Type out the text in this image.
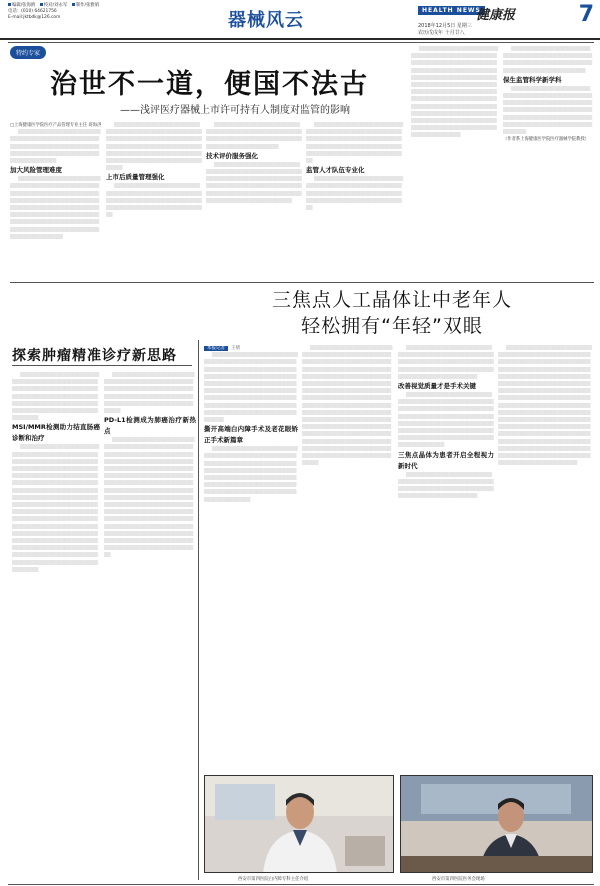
编辑/张海鸥 校对/刘永军 制作/张雅娟
电话：(010) 64621756
E-mail:jktbdk@126.com	器械风云	HEALTH NEWS
健康报	7
2018年12月5日 星期三
农历戊戌年 十月廿八
特约专家
治世不一道，便国不法古
——浅评医疗器械上市许可持有人制度对监管的影响

□上海健康医学院医疗产品管理专业主任 蒋海洪

▒▒▒▒▒▒▒▒▒▒▒▒▒▒▒▒▒▒▒▒▒▒▒▒▒▒▒▒▒▒▒▒▒▒▒▒▒▒▒▒▒▒▒▒▒▒▒▒▒▒▒▒▒▒▒▒▒▒▒▒▒▒▒▒▒▒▒▒▒▒▒▒▒▒▒▒▒▒▒▒▒▒▒▒▒▒▒▒▒▒▒▒▒▒▒▒▒▒▒▒▒▒▒▒▒▒▒▒▒▒▒▒▒▒▒▒▒▒▒▒

加大风险管理难度

▒▒▒▒▒▒▒▒▒▒▒▒▒▒▒▒▒▒▒▒▒▒▒▒▒▒▒▒▒▒▒▒▒▒▒▒▒▒▒▒▒▒▒▒▒▒▒▒▒▒▒▒▒▒▒▒▒▒▒▒▒▒▒▒▒▒▒▒▒▒▒▒▒▒▒▒▒▒▒▒▒▒▒▒▒▒▒▒▒▒▒▒▒▒▒▒▒▒▒▒▒▒▒▒▒▒▒▒▒▒▒▒▒▒▒▒▒▒▒▒▒▒▒▒▒▒▒▒▒▒▒▒▒▒▒▒▒▒▒▒▒▒▒▒▒▒▒▒▒▒▒▒▒▒▒▒▒▒▒▒▒▒▒▒▒▒▒▒▒▒▒▒▒▒▒▒▒▒▒▒▒▒▒▒▒▒▒▒▒▒▒▒▒▒▒▒▒▒▒▒▒▒▒▒▒▒▒▒▒▒▒▒▒▒▒▒▒▒▒▒▒▒▒▒▒▒▒▒▒▒

▒▒▒▒▒▒▒▒▒▒▒▒▒▒▒▒▒▒▒▒▒▒▒▒▒▒▒▒▒▒▒▒▒▒▒▒▒▒▒▒▒▒▒▒▒▒▒▒▒▒▒▒▒▒▒▒▒▒▒▒▒▒▒▒▒▒▒▒▒▒▒▒▒▒▒▒▒▒▒▒▒▒▒▒▒▒▒▒▒▒▒▒▒▒▒▒▒▒▒▒▒▒▒▒▒▒▒▒▒▒▒▒▒▒▒▒▒▒▒▒▒▒▒▒▒▒▒▒▒▒▒▒▒▒▒▒▒▒▒▒▒▒▒▒▒▒▒▒▒▒▒▒▒▒▒▒▒▒▒▒▒▒▒▒▒▒▒▒▒▒▒▒▒▒▒▒

上市后质量管理强化

▒▒▒▒▒▒▒▒▒▒▒▒▒▒▒▒▒▒▒▒▒▒▒▒▒▒▒▒▒▒▒▒▒▒▒▒▒▒▒▒▒▒▒▒▒▒▒▒▒▒▒▒▒▒▒▒▒▒▒▒▒▒▒▒▒▒▒▒▒▒▒▒▒▒▒▒▒▒▒▒▒▒▒▒▒▒▒▒▒▒▒▒▒▒▒▒▒▒▒▒▒▒▒▒▒▒▒▒▒▒▒▒▒▒▒

▒▒▒▒▒▒▒▒▒▒▒▒▒▒▒▒▒▒▒▒▒▒▒▒▒▒▒▒▒▒▒▒▒▒▒▒▒▒▒▒▒▒▒▒▒▒▒▒▒▒▒▒▒▒▒▒▒▒▒▒▒▒▒▒▒▒▒▒▒▒▒▒▒▒▒▒▒▒▒▒▒▒▒▒▒▒▒▒▒▒▒▒▒▒▒▒▒▒▒▒▒▒▒▒▒▒

技术评价服务强化

▒▒▒▒▒▒▒▒▒▒▒▒▒▒▒▒▒▒▒▒▒▒▒▒▒▒▒▒▒▒▒▒▒▒▒▒▒▒▒▒▒▒▒▒▒▒▒▒▒▒▒▒▒▒▒▒▒▒▒▒▒▒▒▒▒▒▒▒▒▒▒▒▒▒▒▒▒▒▒▒▒▒▒▒▒▒▒▒▒▒▒▒▒▒▒▒▒▒▒▒▒▒▒▒▒▒▒▒▒▒▒▒▒▒▒▒▒▒▒▒▒▒▒▒▒▒▒▒▒▒▒▒▒▒▒▒▒▒▒▒▒▒▒▒▒▒▒▒▒▒▒▒▒▒▒▒▒▒▒▒▒▒▒▒▒▒▒▒

▒▒▒▒▒▒▒▒▒▒▒▒▒▒▒▒▒▒▒▒▒▒▒▒▒▒▒▒▒▒▒▒▒▒▒▒▒▒▒▒▒▒▒▒▒▒▒▒▒▒▒▒▒▒▒▒▒▒▒▒▒▒▒▒▒▒▒▒▒▒▒▒▒▒▒▒▒▒▒▒▒▒▒▒▒▒▒▒▒▒▒▒▒▒▒▒▒▒▒▒▒▒▒▒▒▒▒▒▒▒▒▒▒▒▒▒▒▒▒▒▒▒▒▒▒▒▒▒▒▒▒▒▒▒▒▒▒▒▒▒▒▒▒▒▒

监管人才队伍专业化

▒▒▒▒▒▒▒▒▒▒▒▒▒▒▒▒▒▒▒▒▒▒▒▒▒▒▒▒▒▒▒▒▒▒▒▒▒▒▒▒▒▒▒▒▒▒▒▒▒▒▒▒▒▒▒▒▒▒▒▒▒▒▒▒▒▒▒▒▒▒▒▒▒▒▒▒▒▒▒▒▒▒▒▒▒▒▒▒▒▒▒▒▒▒▒▒▒▒▒▒▒▒▒▒▒▒▒▒▒▒▒▒▒▒▒▒

▒▒▒▒▒▒▒▒▒▒▒▒▒▒▒▒▒▒▒▒▒▒▒▒▒▒▒▒▒▒▒▒▒▒▒▒▒▒▒▒▒▒▒▒▒▒▒▒▒▒▒▒▒▒▒▒▒▒▒▒▒▒▒▒▒▒▒▒▒▒▒▒▒▒▒▒▒▒▒▒▒▒▒▒▒▒▒▒▒▒▒▒▒▒▒▒▒▒▒▒▒▒▒▒▒▒▒▒▒▒▒▒▒▒▒▒▒▒▒▒▒▒▒▒▒▒▒▒▒▒▒▒▒▒▒▒▒▒▒▒▒▒▒▒▒▒▒▒▒▒▒▒▒▒▒▒▒▒▒▒▒▒▒▒▒▒▒▒▒▒▒▒▒▒▒▒▒▒▒▒▒▒▒▒▒▒▒▒▒▒▒▒▒▒▒▒▒▒▒▒▒▒▒▒▒▒▒▒▒▒▒▒▒▒▒▒▒▒▒▒▒▒▒▒▒▒▒▒▒▒▒▒▒▒▒▒▒▒▒▒▒▒▒▒▒▒▒▒▒▒▒▒▒▒▒▒▒▒▒▒▒▒▒▒▒▒▒▒▒▒▒▒▒▒▒▒▒▒▒▒▒▒▒▒▒▒▒▒▒▒▒▒▒▒▒▒▒▒▒▒▒▒▒▒▒▒▒▒▒▒▒▒▒▒▒▒▒▒▒▒▒▒▒▒▒

▒▒▒▒▒▒▒▒▒▒▒▒▒▒▒▒▒▒▒▒▒▒▒▒▒▒▒▒▒▒▒▒▒▒▒▒▒▒▒▒▒▒▒▒▒▒▒▒▒▒▒▒▒▒▒▒▒▒▒▒▒▒▒▒▒▒▒▒▒▒▒▒▒▒▒▒▒▒▒▒▒▒▒▒▒▒▒▒▒▒▒▒▒▒▒▒▒▒▒▒▒▒▒

保生监管科学新学科

▒▒▒▒▒▒▒▒▒▒▒▒▒▒▒▒▒▒▒▒▒▒▒▒▒▒▒▒▒▒▒▒▒▒▒▒▒▒▒▒▒▒▒▒▒▒▒▒▒▒▒▒▒▒▒▒▒▒▒▒▒▒▒▒▒▒▒▒▒▒▒▒▒▒▒▒▒▒▒▒▒▒▒▒▒▒▒▒▒▒▒▒▒▒▒▒▒▒▒▒▒▒▒▒▒▒▒▒▒▒▒▒▒▒▒▒▒▒▒▒▒▒▒▒▒▒▒▒▒▒▒▒▒▒▒▒▒▒▒▒▒▒▒▒▒▒▒▒▒▒▒▒▒▒▒▒▒▒▒▒▒▒▒▒▒▒

（作者系上海健康医学院医疗器械学院教授）

三焦点人工晶体让中老年人
轻松拥有“年轻”双眼
探索肿瘤精准诊疗新思路

▒▒▒▒▒▒▒▒▒▒▒▒▒▒▒▒▒▒▒▒▒▒▒▒▒▒▒▒▒▒▒▒▒▒▒▒▒▒▒▒▒▒▒▒▒▒▒▒▒▒▒▒▒▒▒▒▒▒▒▒▒▒▒▒▒▒▒▒▒▒▒▒▒▒▒▒▒▒▒▒▒▒▒▒▒▒▒▒▒▒▒▒▒▒▒▒▒▒▒▒▒▒▒▒▒▒▒▒▒▒▒▒▒▒▒▒▒▒▒▒▒▒▒▒▒▒▒▒▒▒▒▒▒▒▒▒▒▒▒▒▒▒▒▒▒▒▒▒▒▒▒▒▒▒▒▒▒▒▒▒▒▒

MSI/MMR检测助力结直肠癌诊断和治疗

▒▒▒▒▒▒▒▒▒▒▒▒▒▒▒▒▒▒▒▒▒▒▒▒▒▒▒▒▒▒▒▒▒▒▒▒▒▒▒▒▒▒▒▒▒▒▒▒▒▒▒▒▒▒▒▒▒▒▒▒▒▒▒▒▒▒▒▒▒▒▒▒▒▒▒▒▒▒▒▒▒▒▒▒▒▒▒▒▒▒▒▒▒▒▒▒▒▒▒▒▒▒▒▒▒▒▒▒▒▒▒▒▒▒▒▒▒▒▒▒▒▒▒▒▒▒▒▒▒▒▒▒▒▒▒▒▒▒▒▒▒▒▒▒▒▒▒▒▒▒▒▒▒▒▒▒▒▒▒▒▒▒▒▒▒▒▒▒▒▒▒▒▒▒▒▒▒▒▒▒▒▒▒▒▒▒▒▒▒▒▒▒▒▒▒▒▒▒▒▒▒▒▒▒▒▒▒▒▒▒▒▒▒▒▒▒▒▒▒▒▒▒▒▒▒▒▒▒▒▒▒▒▒▒▒▒▒▒▒▒▒▒▒▒▒▒▒▒▒▒▒▒▒▒▒▒▒▒▒▒▒▒▒▒▒▒▒▒▒▒▒▒▒▒▒▒▒▒▒▒▒▒▒▒▒▒▒▒▒▒▒▒▒▒▒▒▒▒▒▒▒▒▒▒▒▒▒▒▒▒▒▒▒▒▒▒▒▒▒▒▒▒▒▒▒▒▒▒▒▒▒▒▒▒▒▒▒▒▒▒▒▒▒▒▒▒▒▒▒▒▒▒▒▒▒▒▒▒▒▒▒▒▒▒▒▒▒▒▒▒▒▒▒▒▒▒▒▒▒▒▒▒▒▒▒▒▒▒▒▒▒▒▒▒▒▒▒▒▒▒▒▒▒▒▒▒▒▒▒▒▒▒▒▒▒▒▒▒▒▒▒▒▒▒▒▒▒▒▒▒▒▒▒▒▒▒▒▒▒▒▒▒▒▒▒▒▒▒

▒▒▒▒▒▒▒▒▒▒▒▒▒▒▒▒▒▒▒▒▒▒▒▒▒▒▒▒▒▒▒▒▒▒▒▒▒▒▒▒▒▒▒▒▒▒▒▒▒▒▒▒▒▒▒▒▒▒▒▒▒▒▒▒▒▒▒▒▒▒▒▒▒▒▒▒▒▒▒▒▒▒▒▒▒▒▒▒▒▒▒▒▒▒▒▒▒▒▒▒▒▒▒▒▒▒▒▒▒▒▒▒▒▒▒▒▒▒▒▒▒▒▒▒▒▒▒▒▒▒▒▒▒▒▒▒▒▒

PD-L1检测成为肺癌治疗新热点

▒▒▒▒▒▒▒▒▒▒▒▒▒▒▒▒▒▒▒▒▒▒▒▒▒▒▒▒▒▒▒▒▒▒▒▒▒▒▒▒▒▒▒▒▒▒▒▒▒▒▒▒▒▒▒▒▒▒▒▒▒▒▒▒▒▒▒▒▒▒▒▒▒▒▒▒▒▒▒▒▒▒▒▒▒▒▒▒▒▒▒▒▒▒▒▒▒▒▒▒▒▒▒▒▒▒▒▒▒▒▒▒▒▒▒▒▒▒▒▒▒▒▒▒▒▒▒▒▒▒▒▒▒▒▒▒▒▒▒▒▒▒▒▒▒▒▒▒▒▒▒▒▒▒▒▒▒▒▒▒▒▒▒▒▒▒▒▒▒▒▒▒▒▒▒▒▒▒▒▒▒▒▒▒▒▒▒▒▒▒▒▒▒▒▒▒▒▒▒▒▒▒▒▒▒▒▒▒▒▒▒▒▒▒▒▒▒▒▒▒▒▒▒▒▒▒▒▒▒▒▒▒▒▒▒▒▒▒▒▒▒▒▒▒▒▒▒▒▒▒▒▒▒▒▒▒▒▒▒▒▒▒▒▒▒▒▒▒▒▒▒▒▒▒▒▒▒▒▒▒▒▒▒▒▒▒▒▒▒▒▒▒▒▒▒▒▒▒▒▒▒▒▒▒▒▒▒▒▒▒▒▒▒▒▒▒▒▒▒▒▒▒▒▒▒▒▒▒▒▒▒▒▒▒▒▒▒▒▒▒▒▒▒▒▒▒▒▒▒▒▒▒▒▒▒▒▒▒▒▒▒▒▒▒▒▒▒▒▒▒▒▒▒▒▒▒▒▒▒▒▒▒▒▒▒▒▒▒▒▒▒▒▒▒▒▒▒▒▒▒▒▒▒▒▒▒▒▒▒▒▒▒▒▒▒▒▒▒▒▒▒▒▒▒▒▒▒▒▒▒▒▒

本报记者 王倩

▒▒▒▒▒▒▒▒▒▒▒▒▒▒▒▒▒▒▒▒▒▒▒▒▒▒▒▒▒▒▒▒▒▒▒▒▒▒▒▒▒▒▒▒▒▒▒▒▒▒▒▒▒▒▒▒▒▒▒▒▒▒▒▒▒▒▒▒▒▒▒▒▒▒▒▒▒▒▒▒▒▒▒▒▒▒▒▒▒▒▒▒▒▒▒▒▒▒▒▒▒▒▒▒▒▒▒▒▒▒▒▒▒▒▒▒▒▒▒▒▒▒▒▒▒▒▒▒▒▒▒▒▒▒▒▒▒▒▒▒▒▒▒▒▒▒▒▒▒▒▒▒▒▒▒▒▒▒▒▒▒▒▒▒▒▒▒▒▒▒▒▒▒▒▒▒▒▒▒▒▒▒▒▒▒▒▒▒▒▒▒▒▒▒▒▒▒▒▒▒▒▒▒▒▒▒▒▒▒▒▒▒▒▒▒▒▒▒▒▒▒▒▒▒▒▒▒▒▒▒▒▒▒▒▒▒▒▒▒▒▒▒▒▒▒▒▒▒▒▒▒▒▒▒▒▒

撕开高端白内障手术及老花眼矫正手术新篇章

▒▒▒▒▒▒▒▒▒▒▒▒▒▒▒▒▒▒▒▒▒▒▒▒▒▒▒▒▒▒▒▒▒▒▒▒▒▒▒▒▒▒▒▒▒▒▒▒▒▒▒▒▒▒▒▒▒▒▒▒▒▒▒▒▒▒▒▒▒▒▒▒▒▒▒▒▒▒▒▒▒▒▒▒▒▒▒▒▒▒▒▒▒▒▒▒▒▒▒▒▒▒▒▒▒▒▒▒▒▒▒▒▒▒▒▒▒▒▒▒▒▒▒▒▒▒▒▒▒▒▒▒▒▒▒▒▒▒▒▒▒▒▒▒▒▒▒▒▒▒▒▒▒▒▒▒▒▒▒▒▒▒▒▒▒▒▒▒▒▒▒▒▒▒▒▒▒▒▒▒▒▒▒▒▒▒▒▒▒▒▒▒▒▒▒▒▒▒▒▒▒▒▒▒▒▒▒▒

▒▒▒▒▒▒▒▒▒▒▒▒▒▒▒▒▒▒▒▒▒▒▒▒▒▒▒▒▒▒▒▒▒▒▒▒▒▒▒▒▒▒▒▒▒▒▒▒▒▒▒▒▒▒▒▒▒▒▒▒▒▒▒▒▒▒▒▒▒▒▒▒▒▒▒▒▒▒▒▒▒▒▒▒▒▒▒▒▒▒▒▒▒▒▒▒▒▒▒▒▒▒▒▒▒▒▒▒▒▒▒▒▒▒▒▒▒▒▒▒▒▒▒▒▒▒▒▒▒▒▒▒▒▒▒▒▒▒▒▒▒▒▒▒▒▒▒▒▒▒▒▒▒▒▒▒▒▒▒▒▒▒▒▒▒▒▒▒▒▒▒▒▒▒▒▒▒▒▒▒▒▒▒▒▒▒▒▒▒▒▒▒▒▒▒▒▒▒▒▒▒▒▒▒▒▒▒▒▒▒▒▒▒▒▒▒▒▒▒▒▒▒▒▒▒▒▒▒▒▒▒▒▒▒▒▒▒▒▒▒▒▒▒▒▒▒▒▒▒▒▒▒▒▒▒▒▒▒▒▒▒▒▒▒▒▒▒▒▒▒▒▒▒▒▒▒▒▒▒▒▒▒▒▒▒▒▒▒▒▒▒▒▒▒▒▒▒▒▒▒▒▒▒▒▒▒▒▒▒▒▒▒▒▒▒▒▒▒▒▒▒▒▒▒▒▒▒▒▒▒▒▒▒▒▒▒▒▒▒▒▒▒▒▒▒▒▒▒▒▒▒▒▒▒▒▒▒▒▒▒▒▒▒▒▒▒▒▒▒▒▒▒▒▒▒▒▒▒▒▒▒▒▒▒▒▒▒▒▒▒▒▒▒▒▒▒▒▒▒▒▒▒▒▒▒▒▒▒▒▒▒▒▒▒▒▒▒▒▒▒▒▒▒▒▒▒▒▒▒▒▒▒▒▒▒

▒▒▒▒▒▒▒▒▒▒▒▒▒▒▒▒▒▒▒▒▒▒▒▒▒▒▒▒▒▒▒▒▒▒▒▒▒▒▒▒▒▒▒▒▒▒▒▒▒▒▒▒▒▒▒▒▒▒▒▒▒▒▒▒▒▒▒▒▒▒▒▒▒▒▒▒▒▒▒▒▒▒▒▒▒▒▒▒▒▒▒▒▒▒▒▒▒▒▒▒▒▒▒▒▒▒▒▒▒▒▒▒▒▒▒▒▒▒▒▒▒▒▒▒▒▒▒▒▒▒▒▒▒▒▒▒▒

改善视觉质量才是手术关键

▒▒▒▒▒▒▒▒▒▒▒▒▒▒▒▒▒▒▒▒▒▒▒▒▒▒▒▒▒▒▒▒▒▒▒▒▒▒▒▒▒▒▒▒▒▒▒▒▒▒▒▒▒▒▒▒▒▒▒▒▒▒▒▒▒▒▒▒▒▒▒▒▒▒▒▒▒▒▒▒▒▒▒▒▒▒▒▒▒▒▒▒▒▒▒▒▒▒▒▒▒▒▒▒▒▒▒▒▒▒▒▒▒▒▒▒▒▒▒▒▒▒▒▒▒▒▒▒▒▒▒▒▒▒▒▒▒▒▒▒▒▒▒▒▒▒▒▒▒▒▒▒▒▒▒▒▒▒▒▒▒▒▒▒▒▒▒▒▒▒▒▒▒▒▒▒▒▒▒▒▒▒▒▒▒▒▒▒▒▒▒▒▒▒▒▒▒▒▒▒▒▒▒▒▒▒▒▒▒▒▒▒▒▒

三焦点晶体为患者开启全程视力新时代

▒▒▒▒▒▒▒▒▒▒▒▒▒▒▒▒▒▒▒▒▒▒▒▒▒▒▒▒▒▒▒▒▒▒▒▒▒▒▒▒▒▒▒▒▒▒▒▒▒▒▒▒▒▒▒▒▒▒▒▒▒▒▒▒▒▒▒▒▒▒▒▒▒▒▒▒▒▒▒▒▒▒▒▒▒▒▒▒▒▒▒▒▒▒▒▒▒▒▒▒▒▒▒▒▒▒▒▒

▒▒▒▒▒▒▒▒▒▒▒▒▒▒▒▒▒▒▒▒▒▒▒▒▒▒▒▒▒▒▒▒▒▒▒▒▒▒▒▒▒▒▒▒▒▒▒▒▒▒▒▒▒▒▒▒▒▒▒▒▒▒▒▒▒▒▒▒▒▒▒▒▒▒▒▒▒▒▒▒▒▒▒▒▒▒▒▒▒▒▒▒▒▒▒▒▒▒▒▒▒▒▒▒▒▒▒▒▒▒▒▒▒▒▒▒▒▒▒▒▒▒▒▒▒▒▒▒▒▒▒▒▒▒▒▒▒▒▒▒▒▒▒▒▒▒▒▒▒▒▒▒▒▒▒▒▒▒▒▒▒▒▒▒▒▒▒▒▒▒▒▒▒▒▒▒▒▒▒▒▒▒▒▒▒▒▒▒▒▒▒▒▒▒▒▒▒▒▒▒▒▒▒▒▒▒▒▒▒▒▒▒▒▒▒▒▒▒▒▒▒▒▒▒▒▒▒▒▒▒▒▒▒▒▒▒▒▒▒▒▒▒▒▒▒▒▒▒▒▒▒▒▒▒▒▒▒▒▒▒▒▒▒▒▒▒▒▒▒▒▒▒▒▒▒▒▒▒▒▒▒▒▒▒▒▒▒▒▒▒▒▒▒▒▒▒▒▒▒▒▒▒▒▒▒▒▒▒▒▒▒▒▒▒▒▒▒▒▒▒▒▒▒▒▒▒▒▒▒▒▒▒▒▒▒▒▒▒▒▒▒▒▒▒▒▒▒▒▒▒▒▒▒▒▒▒▒▒▒▒▒▒▒▒▒▒▒▒▒▒▒▒▒▒▒▒▒▒▒▒▒▒▒▒▒▒▒▒▒▒▒▒▒▒▒▒▒▒▒▒▒▒▒▒▒▒▒▒▒▒▒▒▒▒▒▒▒▒▒▒▒▒▒▒▒▒▒▒▒▒▒▒▒▒▒▒▒▒▒▒▒▒▒▒▒▒▒▒▒▒▒▒▒▒▒▒▒▒▒▒▒▒▒▒▒▒▒▒▒▒

西安市第四医院白内障专科主任介绍	西安市第四医院医务会现场
